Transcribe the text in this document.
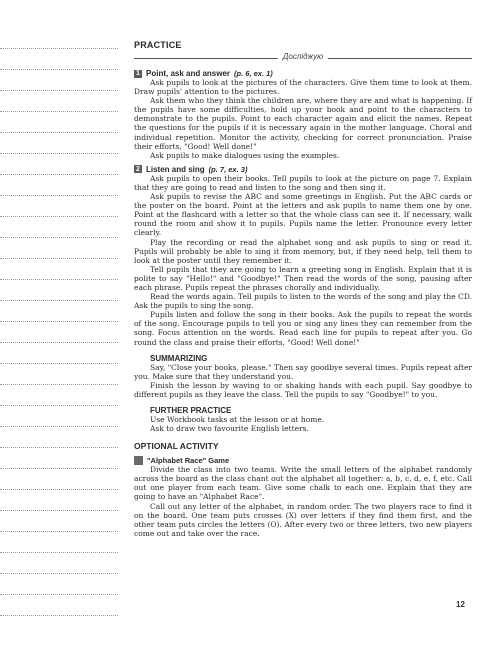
PRACTICE
Досліджую
1 Point, ask and answer (p. 6, ex. 1)

Ask pupils to look at the pictures of the characters. Give them time to look at them. Draw pupils' attention to the pictures.

Ask them who they think the children are, where they are and what is happening. If the pupils have some difficulties, hold up your book and point to the characters to demonstrate to the pupils. Point to each character again and elicit the names. Repeat the questions for the pupils if it is necessary again in the mother language. Choral and individual repetition. Monitor the activity, checking for correct pronunciation. Praise their efforts, "Good! Well done!"

Ask pupils to make dialogues using the examples.

2 Listen and sing (p. 7, ex. 3)

Ask pupils to open their books. Tell pupils to look at the picture on page 7. Explain that they are going to read and listen to the song and then sing it.

Ask pupils to revise the ABC and some greetings in English. Put the ABC cards or the poster on the board. Point at the letters and ask pupils to name them one by one. Point at the flashcard with a letter so that the whole class can see it. If necessary, walk round the room and show it to pupils. Pupils name the letter. Pronounce every letter clearly.

Play the recording or read the alphabet song and ask pupils to sing or read it. Pupils will probably be able to sing it from memory, but, if they need help, tell them to look at the poster until they remember it.

Tell pupils that they are going to learn a greeting song in English. Explain that it is polite to say "Hello!" and "Goodbye!" Then read the words of the song, pausing after each phrase. Pupils repeat the phrases chorally and individually.

Read the words again. Tell pupils to listen to the words of the song and play the CD. Ask the pupils to sing the song.

Pupils listen and follow the song in their books. Ask the pupils to repeat the words of the song. Encourage pupils to tell you or sing any lines they can remember from the song. Focus attention on the words. Read each line for pupils to repeat after you. Go round the class and praise their efforts, "Good! Well done!"

SUMMARIZING

Say, "Close your books, please." Then say goodbye several times. Pupils repeat after you. Make sure that they understand you.

Finish the lesson by waving to or shaking hands with each pupil. Say goodbye to different pupils as they leave the class. Tell the pupils to say "Goodbye!" to you.

FURTHER PRACTICE

Use Workbook tasks at the lesson or at home.

Ask to draw two favourite English letters.

OPTIONAL ACTIVITY
"Alphabet Race" Game

Divide the class into two teams. Write the small letters of the alphabet randomly across the board as the class chant out the alphabet all together: a, b, c, d, e, f, etc. Call out one player from each team. Give some chalk to each one. Explain that they are going to have an "Alphabet Race".

Call out any letter of the alphabet, in random order. The two players race to find it on the board. One team puts crosses (X) over letters if they find them first, and the other team puts circles the letters (O). After every two or three letters, two new players come out and take over the race.

12
